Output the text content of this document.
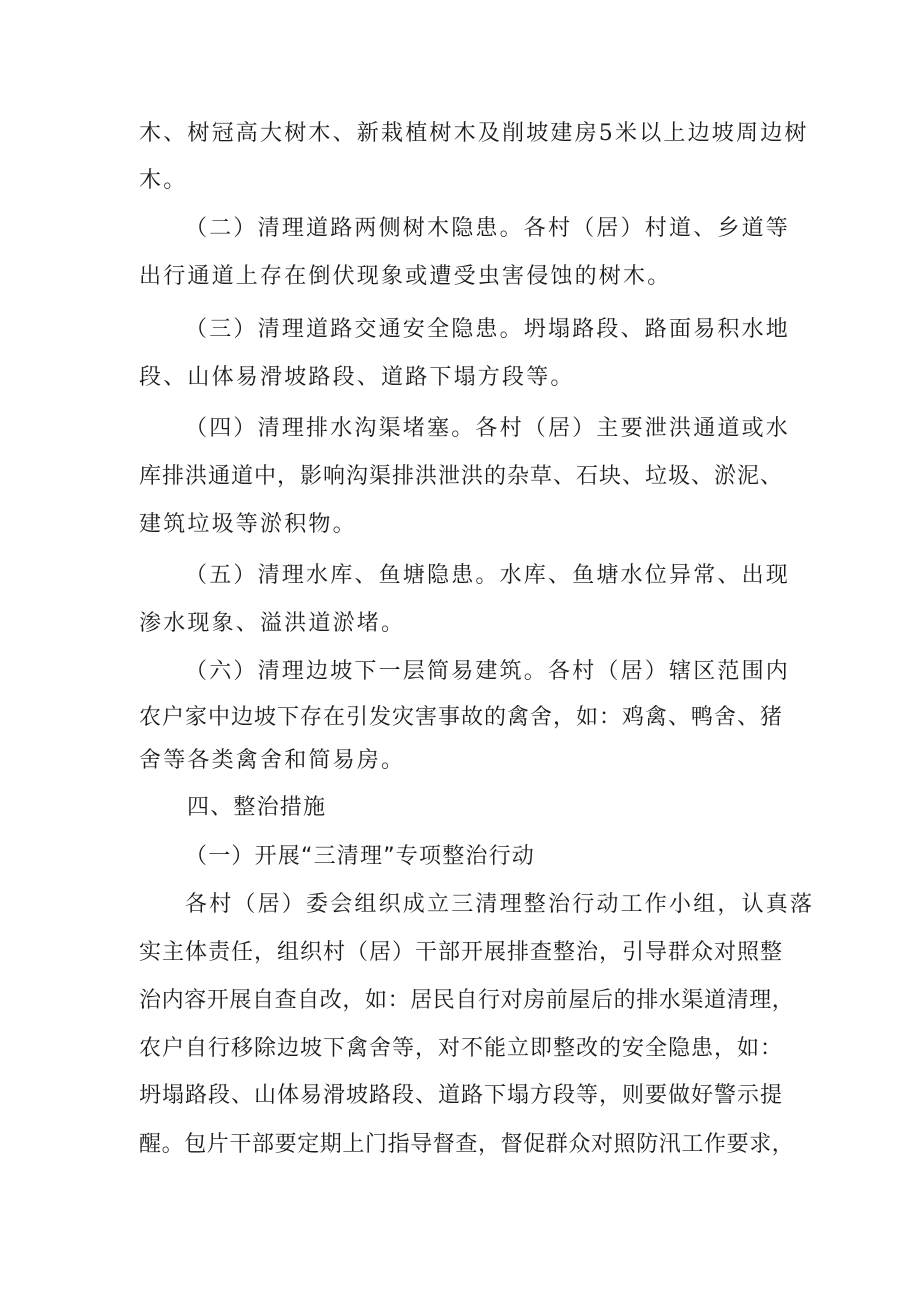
木、树冠高大树木、新栽植树木及削坡建房5米以上边坡周边树
木。
（二）清理道路两侧树木隐患。各村（居）村道、乡道等
出行通道上存在倒伏现象或遭受虫害侵蚀的树木。
（三）清理道路交通安全隐患。坍塌路段、路面易积水地
段、山体易滑坡路段、道路下塌方段等。
（四）清理排水沟渠堵塞。各村（居）主要泄洪通道或水
库排洪通道中，影响沟渠排洪泄洪的杂草、石块、垃圾、淤泥、
建筑垃圾等淤积物。
（五）清理水库、鱼塘隐患。水库、鱼塘水位异常、出现
渗水现象、溢洪道淤堵。
（六）清理边坡下一层简易建筑。各村（居）辖区范围内
农户家中边坡下存在引发灾害事故的禽舍，如：鸡禽、鸭舍、猪
舍等各类禽舍和简易房。
四、整治措施
（一）开展“三清理”专项整治行动
各村（居）委会组织成立三清理整治行动工作小组，认真落
实主体责任，组织村（居）干部开展排查整治，引导群众对照整
治内容开展自查自改，如：居民自行对房前屋后的排水渠道清理，
农户自行移除边坡下禽舍等，对不能立即整改的安全隐患，如：
坍塌路段、山体易滑坡路段、道路下塌方段等，则要做好警示提
醒。包片干部要定期上门指导督查，督促群众对照防汛工作要求，
